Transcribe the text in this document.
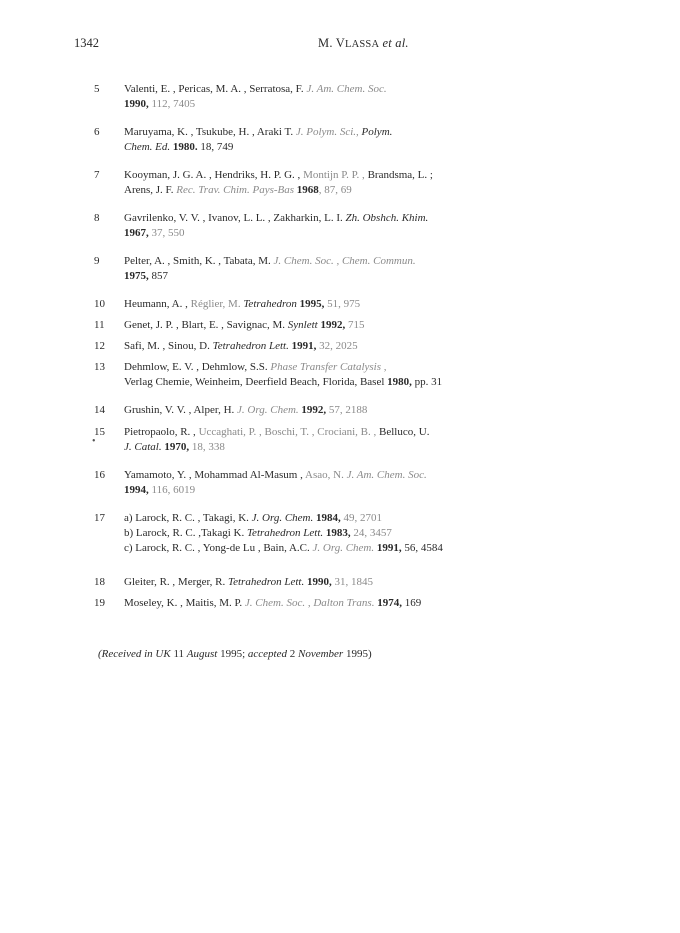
1342	M. VLASSA et al.
5	Valenti, E. , Pericas, M. A. , Serratosa, F. J. Am. Chem. Soc.
1990, 112, 7405
6	Maruyama, K. , Tsukube, H. , Araki T. J. Polym. Sci., Polym.
Chem. Ed. 1980. 18, 749
7	Kooyman, J. G. A. , Hendriks, H. P. G. , Montijn P. P. , Brandsma, L. ;
Arens, J. F. Rec. Trav. Chim. Pays-Bas 1968, 87, 69
8	Gavrilenko, V. V. , Ivanov, L. L. , Zakharkin, L. I. Zh. Obshch. Khim.
1967, 37, 550
9	Pelter, A. , Smith, K. , Tabata, M. J. Chem. Soc. , Chem. Commun.
1975, 857
10	Heumann, A. , Réglier, M. Tetrahedron 1995, 51, 975
11	Genet, J. P. , Blart, E. , Savignac, M. Synlett 1992, 715
12	Safi, M. , Sinou, D. Tetrahedron Lett. 1991, 32, 2025
13	Dehmlow, E. V. , Dehmlow, S.S. Phase Transfer Catalysis ,
Verlag Chemie, Weinheim, Deerfield Beach, Florida, Basel 1980, pp. 31
14	Grushin, V. V. , Alper, H. J. Org. Chem. 1992, 57, 2188
15	Pietropaolo, R. , Uccaghati, P. , Boschi, T. , Crociani, B. , Belluco, U.
J. Catal. 1970, 18, 338
16	Yamamoto, Y. , Mohammad Al-Masum , Asao, N. J. Am. Chem. Soc.
1994, 116, 6019
17	a) Larock, R. C. , Takagi, K. J. Org. Chem. 1984, 49, 2701
b) Larock, R. C. ,Takagi K. Tetrahedron Lett. 1983, 24, 3457
c) Larock, R. C. , Yong-de Lu , Bain, A.C. J. Org. Chem. 1991, 56, 4584
18	Gleiter, R. , Merger, R. Tetrahedron Lett. 1990, 31, 1845
19	Moseley, K. , Maitis, M. P. J. Chem. Soc. , Dalton Trans. 1974, 169
•
(Received in UK 11 August 1995; accepted 2 November 1995)
